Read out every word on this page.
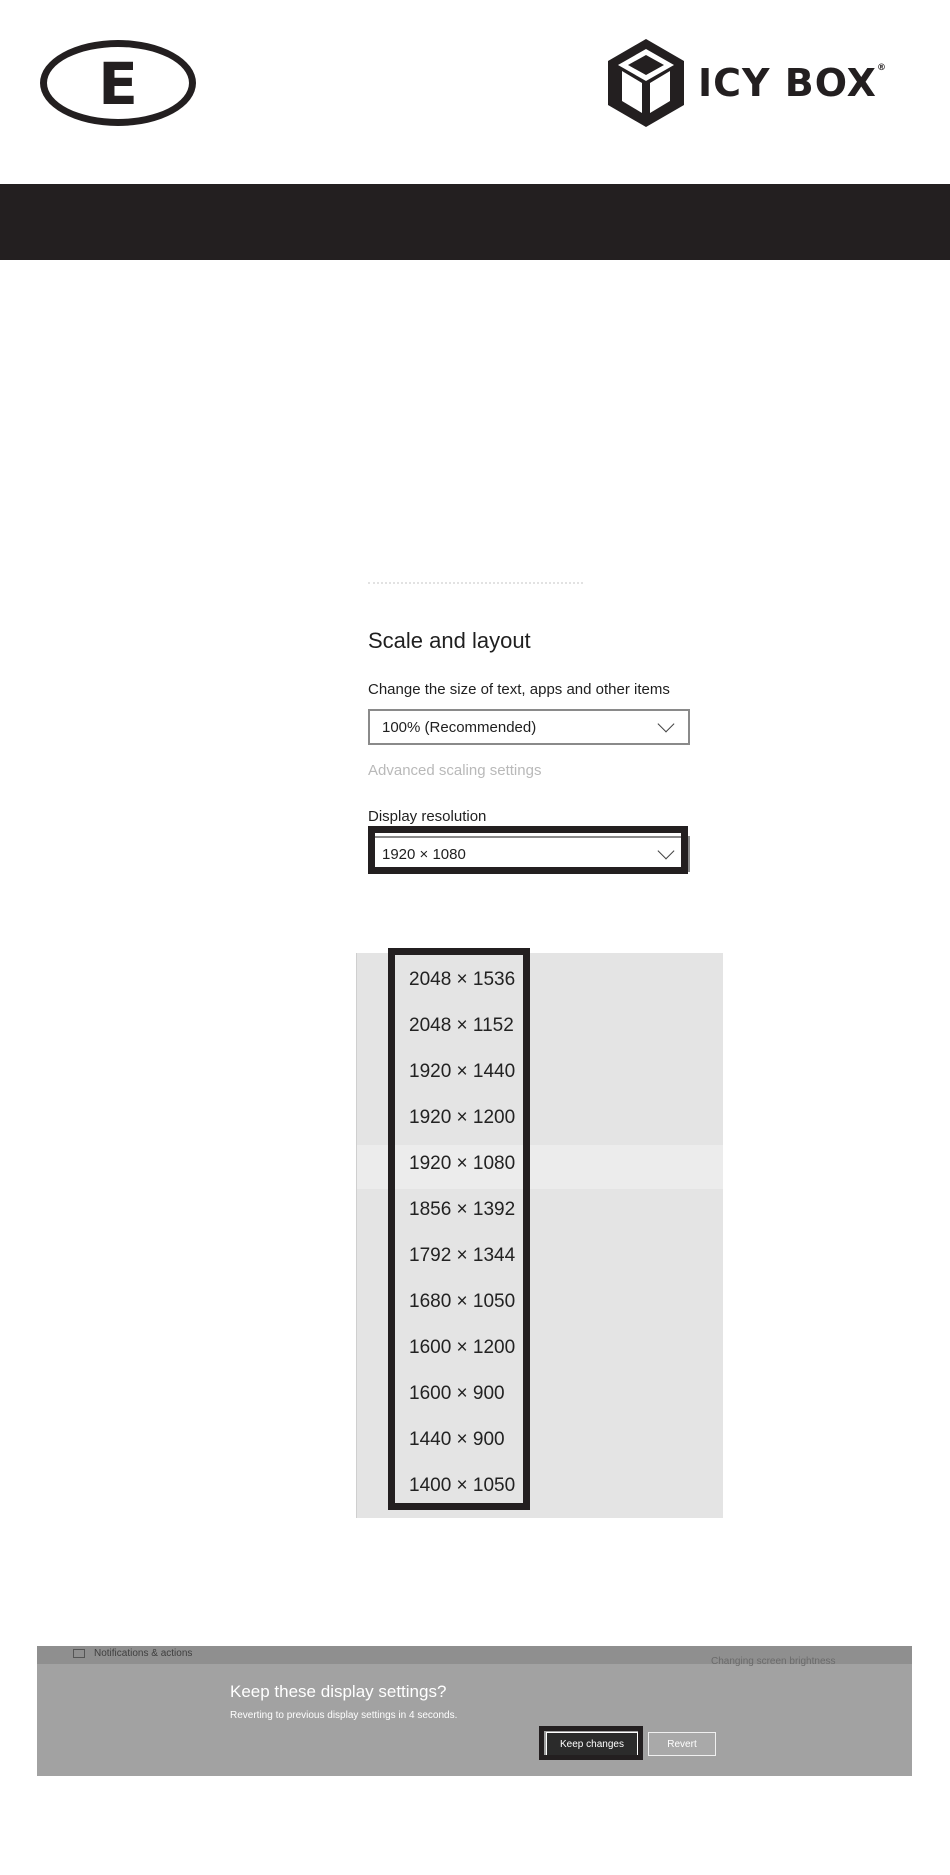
E	ICY BOX®
Scale and layout
Change the size of text, apps and other items
100% (Recommended)
Advanced scaling settings
Display resolution
1920 × 1080
2048 × 1536
2048 × 1152
1920 × 1440
1920 × 1200
1920 × 1080
1856 × 1392
1792 × 1344
1680 × 1050
1600 × 1200
1600 × 900
1440 × 900
1400 × 1050
Notifications & actions
Changing screen brightness
Keep these display settings?
Reverting to previous display settings in 4 seconds.
Keep changes	Revert
